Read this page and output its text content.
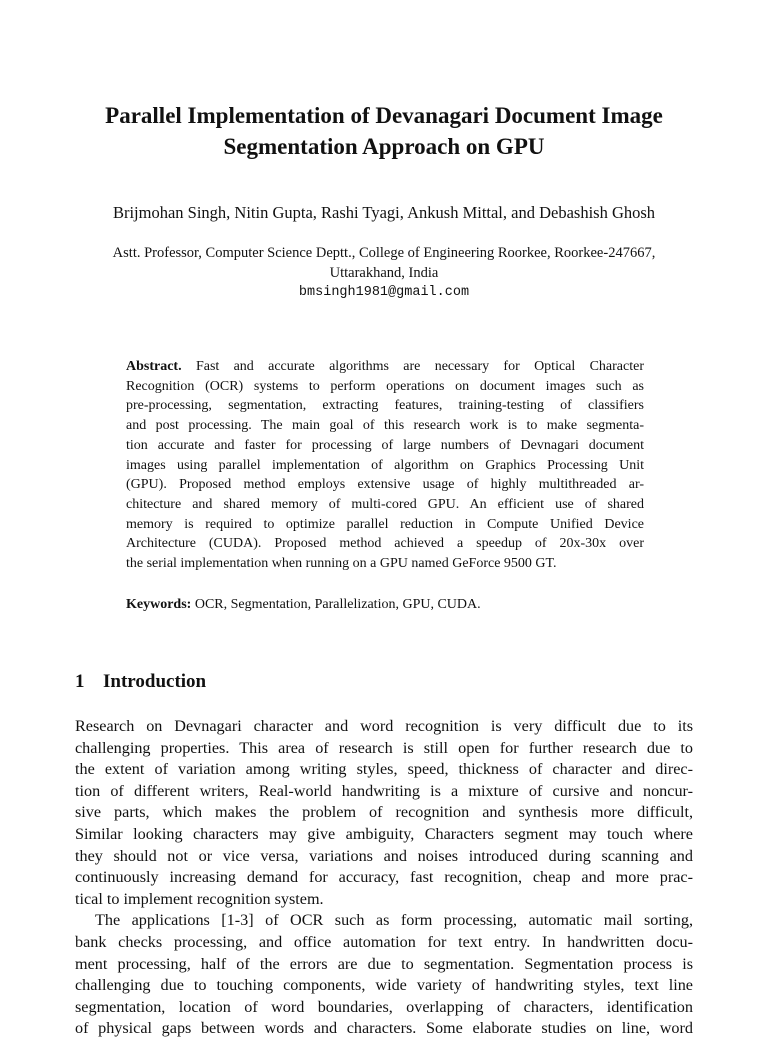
Parallel Implementation of Devanagari Document Image
Segmentation Approach on GPU
Brijmohan Singh, Nitin Gupta, Rashi Tyagi, Ankush Mittal, and Debashish Ghosh
Astt. Professor, Computer Science Deptt., College of Engineering Roorkee, Roorkee-247667,
Uttarakhand, India
bmsingh1981@gmail.com
Abstract. Fast and accurate algorithms are necessary for Optical Character
Recognition (OCR) systems to perform operations on document images such as
pre-processing, segmentation, extracting features, training-testing of classifiers
and post processing. The main goal of this research work is to make segmenta-
tion accurate and faster for processing of large numbers of Devnagari document
images using parallel implementation of algorithm on Graphics Processing Unit
(GPU). Proposed method employs extensive usage of highly multithreaded ar-
chitecture and shared memory of multi-cored GPU. An efficient use of shared
memory is required to optimize parallel reduction in Compute Unified Device
Architecture (CUDA). Proposed method achieved a speedup of 20x-30x over
the serial implementation when running on a GPU named GeForce 9500 GT.
Keywords: OCR, Segmentation, Parallelization, GPU, CUDA.
1 Introduction
Research on Devnagari character and word recognition is very difficult due to its
challenging properties. This area of research is still open for further research due to
the extent of variation among writing styles, speed, thickness of character and direc-
tion of different writers, Real-world handwriting is a mixture of cursive and noncur-
sive parts, which makes the problem of recognition and synthesis more difficult,
Similar looking characters may give ambiguity, Characters segment may touch where
they should not or vice versa, variations and noises introduced during scanning and
continuously increasing demand for accuracy, fast recognition, cheap and more prac-
tical to implement recognition system.
The applications [1-3] of OCR such as form processing, automatic mail sorting,
bank checks processing, and office automation for text entry. In handwritten docu-
ment processing, half of the errors are due to segmentation. Segmentation process is
challenging due to touching components, wide variety of handwriting styles, text line
segmentation, location of word boundaries, overlapping of characters, identification
of physical gaps between words and characters. Some elaborate studies on line, word
